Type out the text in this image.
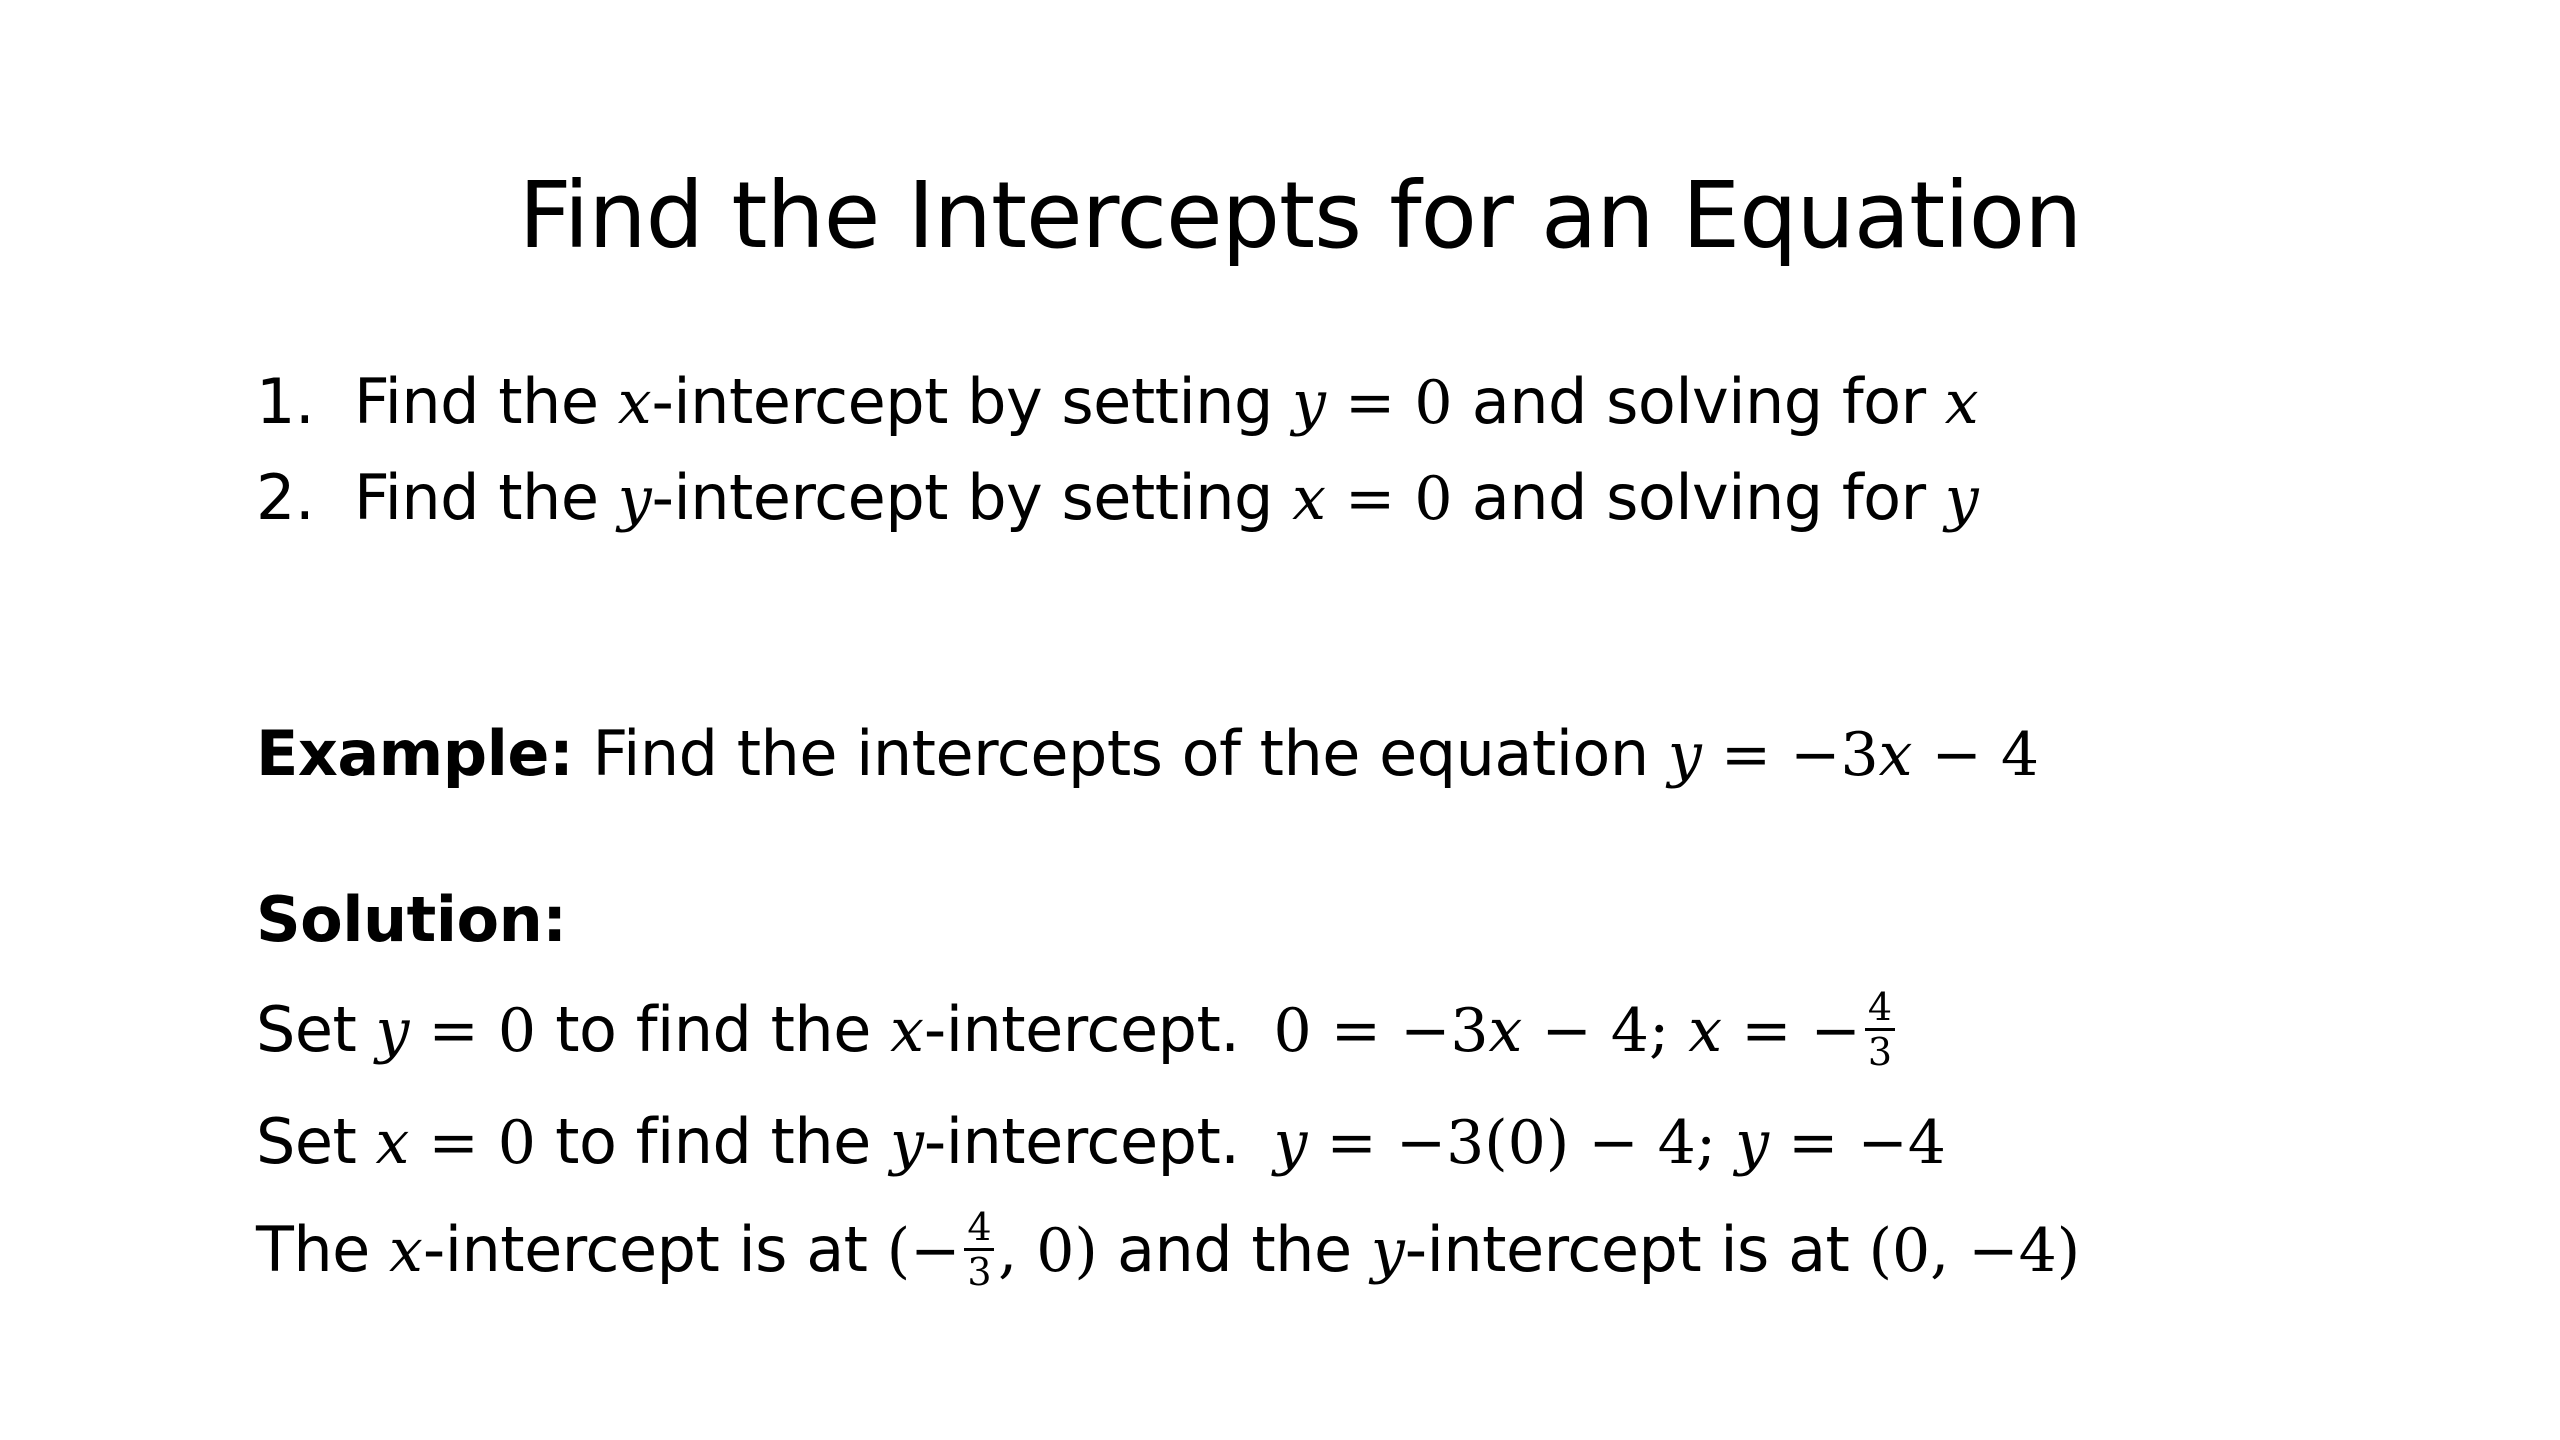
Find the Intercepts for an Equation
1. Find the x-intercept by setting y = 0 and solving for x
2. Find the y-intercept by setting x = 0 and solving for y
Example: Find the intercepts of the equation y = −3x − 4
Solution:
Set y = 0 to find the x-intercept. 0 = −3x − 4; x = − $\frac{4}{3}$
Set x = 0 to find the y-intercept. y = −3(0) − 4; y = −4
The x-intercept is at (− $\frac{4}{3}$ , 0) and the y-intercept is at (0, −4)
